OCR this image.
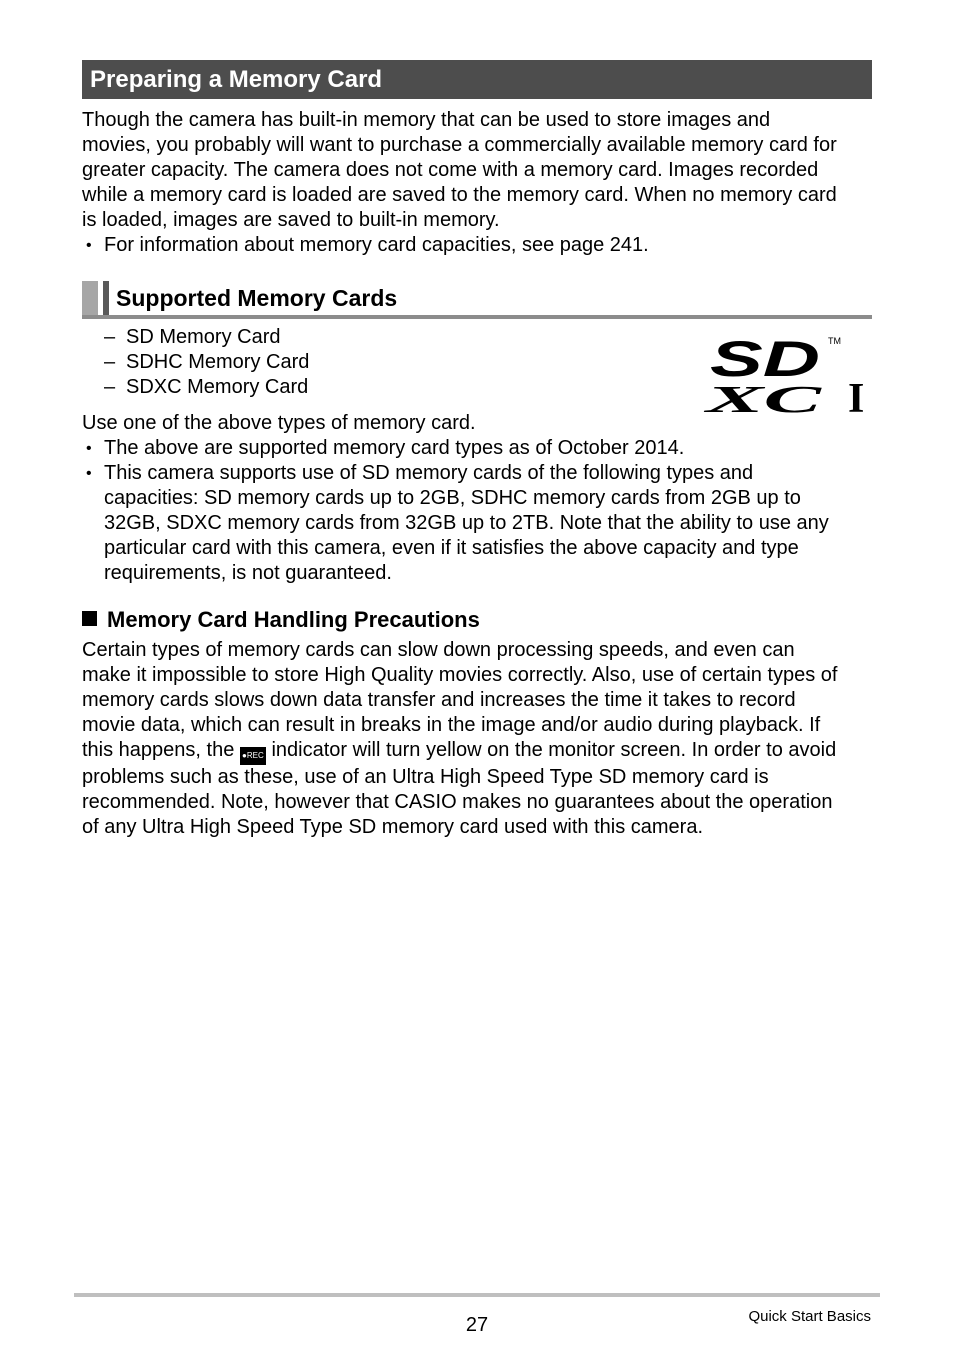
Preparing a Memory Card
Though the camera has built-in memory that can be used to store images and
movies, you probably will want to purchase a commercially available memory card for
greater capacity. The camera does not come with a memory card. Images recorded
while a memory card is loaded are saved to the memory card. When no memory card
is loaded, images are saved to built-in memory.
• For information about memory card capacities, see page 241.
Supported Memory Cards
– SD Memory Card
– SDHC Memory Card
– SDXC Memory Card	SD TM
XC I
Use one of the above types of memory card.
• The above are supported memory card types as of October 2014.
• This camera supports use of SD memory cards of the following types and
capacities: SD memory cards up to 2GB, SDHC memory cards from 2GB up to
32GB, SDXC memory cards from 32GB up to 2TB. Note that the ability to use any
particular card with this camera, even if it satisfies the above capacity and type
requirements, is not guaranteed.
Memory Card Handling Precautions
Certain types of memory cards can slow down processing speeds, and even can
make it impossible to store High Quality movies correctly. Also, use of certain types of
memory cards slows down data transfer and increases the time it takes to record
movie data, which can result in breaks in the image and/or audio during playback. If
this happens, the ●REC indicator will turn yellow on the monitor screen. In order to avoid
problems such as these, use of an Ultra High Speed Type SD memory card is
recommended. Note, however that CASIO makes no guarantees about the operation
of any Ultra High Speed Type SD memory card used with this camera.
27	Quick Start Basics
